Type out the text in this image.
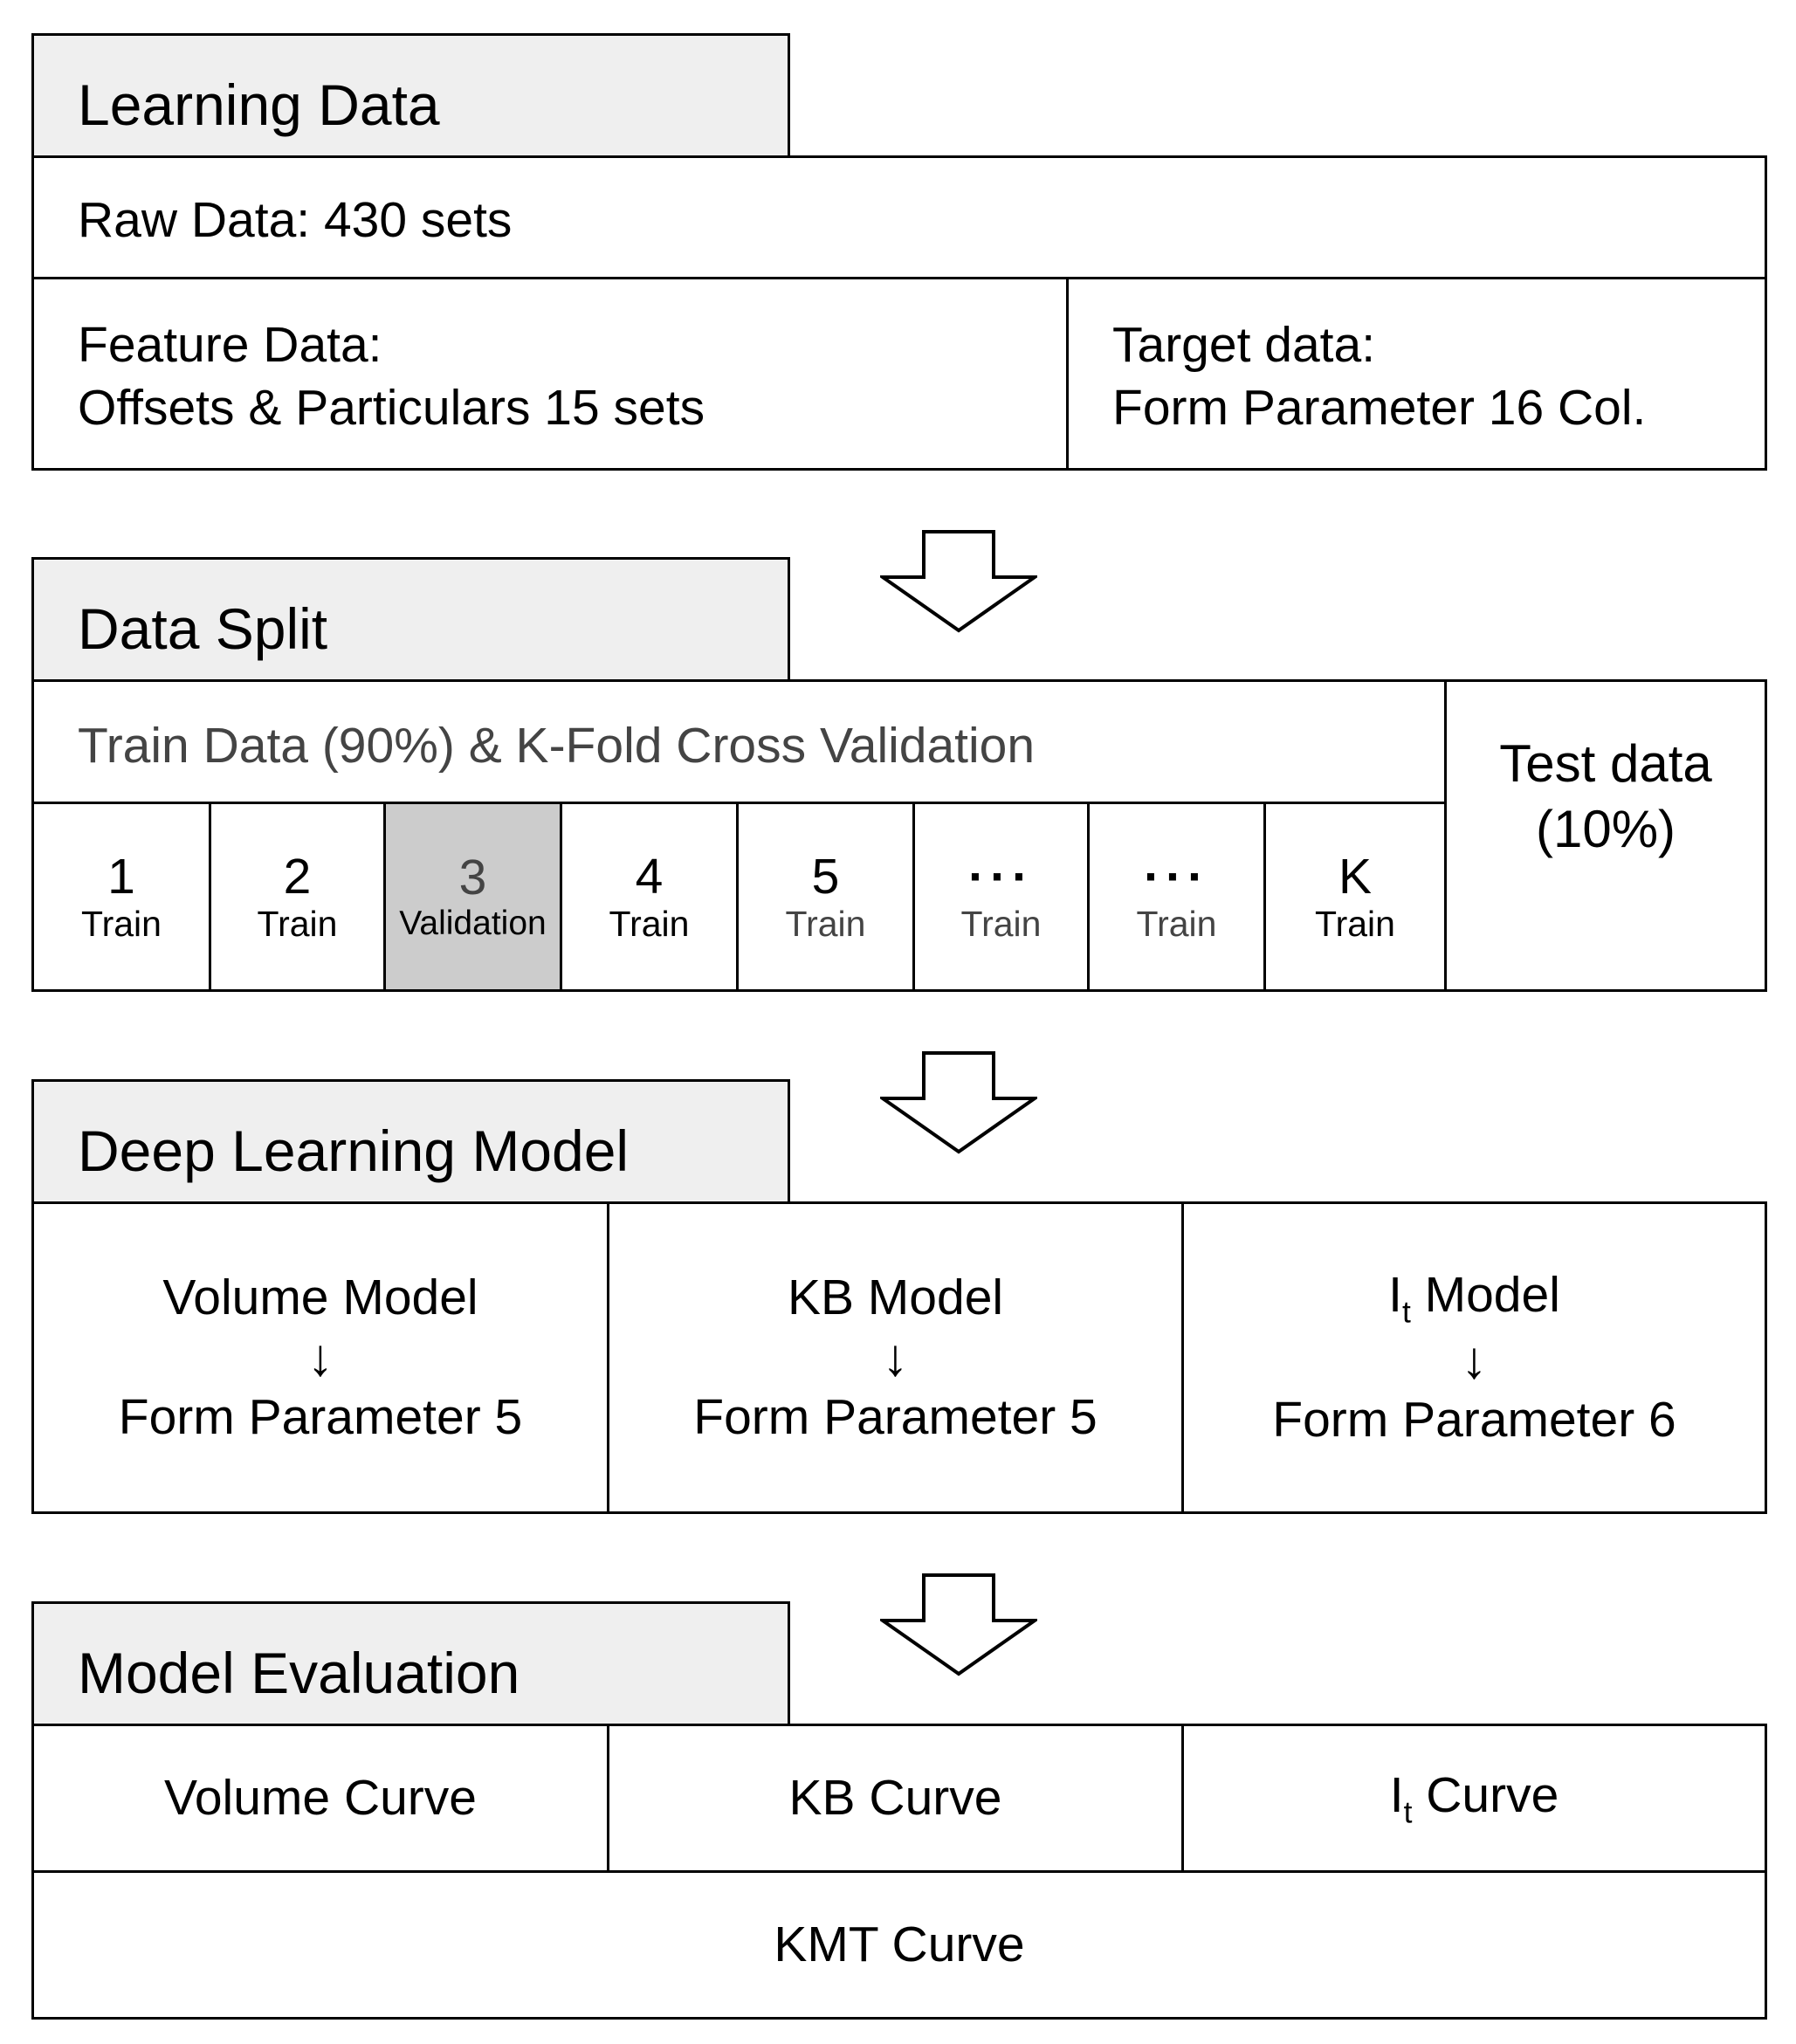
Learning Data
Raw Data: 430 sets
Feature Data:
Offsets & Particulars 15 sets
Target data:
Form Parameter 16 Col.
Data Split
Train Data (90%) & K-Fold Cross Validation	Test data
(10%)
1
Train
2
Train
3
Validation
4
Train
5
Train
···
Train
···
Train
K
Train
Deep Learning Model
Volume Model
↓
Form Parameter 5
KB Model
↓
Form Parameter 5
$I_t$ Model
↓
Form Parameter 6
Model Evaluation
Volume Curve	KB Curve	$I_t$ Curve
KMT Curve
